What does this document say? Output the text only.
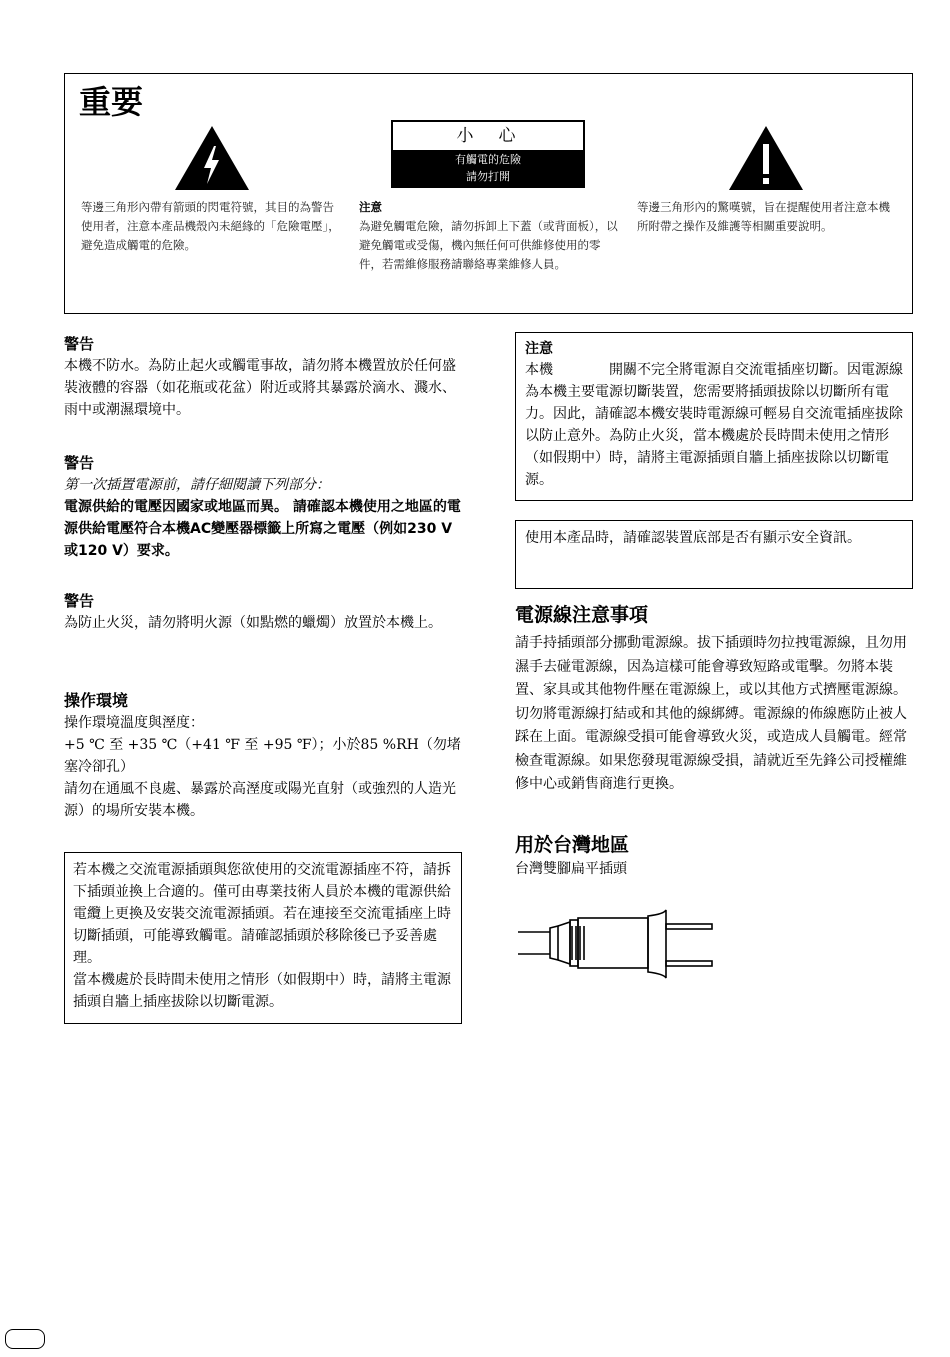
重要
小　心
有觸電的危險
請勿打開
等邊三角形內帶有箭頭的閃電符號，其目的為警告使用者，注意本產品機殼內未絕緣的「危險電壓」，避免造成觸電的危險。
注意
為避免觸電危險，請勿拆卸上下蓋（或背面板），以避免觸電或受傷，機內無任何可供維修使用的零件，若需維修服務請聯絡專業維修人員。
等邊三角形內的驚嘆號，旨在提醒使用者注意本機所附帶之操作及維護等相關重要說明。
警告
本機不防水。為防止起火或觸電事故，請勿將本機置放於任何盛裝液體的容器（如花瓶或花盆）附近或將其暴露於滴水、濺水、雨中或潮濕環境中。
警告
第一次插置電源前，請仔細閱讀下列部分：
電源供給的電壓因國家或地區而異。 請確認本機使用之地區的電源供給電壓符合本機AC變壓器標籤上所寫之電壓（例如230 V或120 V）要求。
警告
為防止火災，請勿將明火源（如點燃的蠟燭）放置於本機上。
操作環境
操作環境溫度與溼度：
+5 ℃ 至 +35 ℃（+41 ℉ 至 +95 ℉）；小於85 %RH（勿堵塞冷卻孔）
請勿在通風不良處、暴露於高溼度或陽光直射（或強烈的人造光源）的場所安裝本機。
若本機之交流電源插頭與您欲使用的交流電源插座不符，請拆下插頭並換上合適的。僅可由專業技術人員於本機的電源供給電纜上更換及安裝交流電源插頭。若在連接至交流電插座上時切斷插頭，可能導致觸電。請確認插頭於移除後已予妥善處理。
當本機處於長時間未使用之情形（如假期中）時，請將主電源插頭自牆上插座拔除以切斷電源。
注意
本機　　　　開關不完全將電源自交流電插座切斷。因電源線為本機主要電源切斷裝置，您需要將插頭拔除以切斷所有電力。因此，請確認本機安裝時電源線可輕易自交流電插座拔除以防止意外。為防止火災，當本機處於長時間未使用之情形（如假期中）時，請將主電源插頭自牆上插座拔除以切斷電源。
使用本產品時，請確認裝置底部是否有顯示安全資訊。
電源線注意事項
請手持插頭部分挪動電源線。拔下插頭時勿拉拽電源線，且勿用濕手去碰電源線，因為這樣可能會導致短路或電擊。勿將本裝置、家具或其他物件壓在電源線上，或以其他方式擠壓電源線。切勿將電源線打結或和其他的線綁縛。電源線的佈線應防止被人踩在上面。電源線受損可能會導致火災，或造成人員觸電。經常檢查電源線。如果您發現電源線受損，請就近至先鋒公司授權維修中心或銷售商進行更換。
用於台灣地區
台灣雙腳扁平插頭
